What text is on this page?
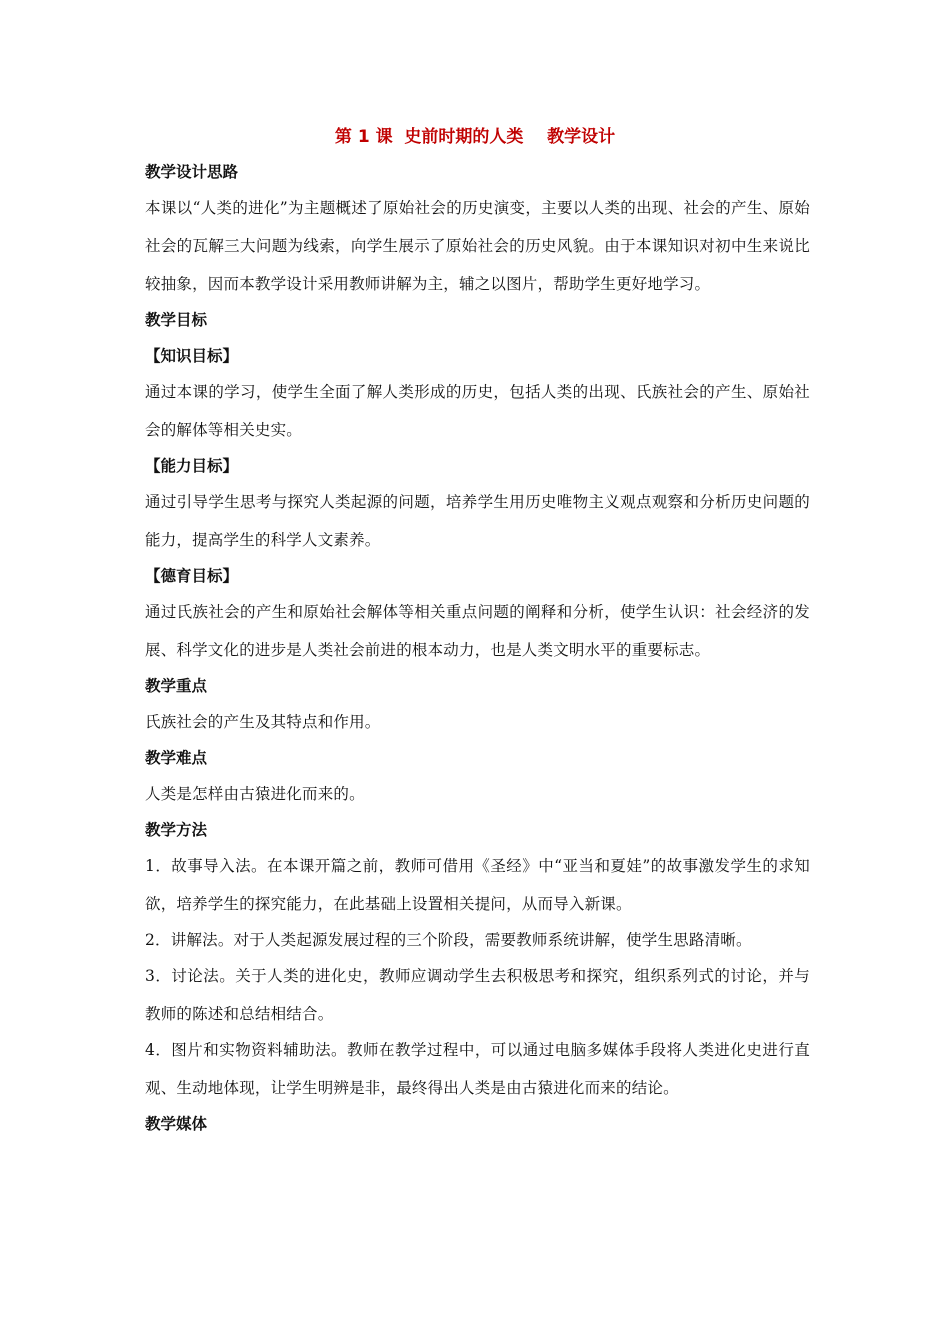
第 1 课  史前时期的人类    教学设计
教学设计思路
本课以“人类的进化”为主题概述了原始社会的历史演变，主要以人类的出现、社会的产生、原始社会的瓦解三大问题为线索，向学生展示了原始社会的历史风貌。由于本课知识对初中生来说比较抽象，因而本教学设计采用教师讲解为主，辅之以图片，帮助学生更好地学习。
教学目标
【知识目标】
通过本课的学习，使学生全面了解人类形成的历史，包括人类的出现、氏族社会的产生、原始社会的解体等相关史实。
【能力目标】
通过引导学生思考与探究人类起源的问题，培养学生用历史唯物主义观点观察和分析历史问题的能力，提高学生的科学人文素养。
【德育目标】
通过氏族社会的产生和原始社会解体等相关重点问题的阐释和分析，使学生认识：社会经济的发展、科学文化的进步是人类社会前进的根本动力，也是人类文明水平的重要标志。
教学重点
氏族社会的产生及其特点和作用。
教学难点
人类是怎样由古猿进化而来的。
教学方法
1．故事导入法。在本课开篇之前，教师可借用《圣经》中“亚当和夏娃”的故事激发学生的求知欲，培养学生的探究能力，在此基础上设置相关提问，从而导入新课。
2．讲解法。对于人类起源发展过程的三个阶段，需要教师系统讲解，使学生思路清晰。
3．讨论法。关于人类的进化史，教师应调动学生去积极思考和探究，组织系列式的讨论，并与教师的陈述和总结相结合。
4．图片和实物资料辅助法。教师在教学过程中，可以通过电脑多媒体手段将人类进化史进行直观、生动地体现，让学生明辨是非，最终得出人类是由古猿进化而来的结论。
教学媒体
